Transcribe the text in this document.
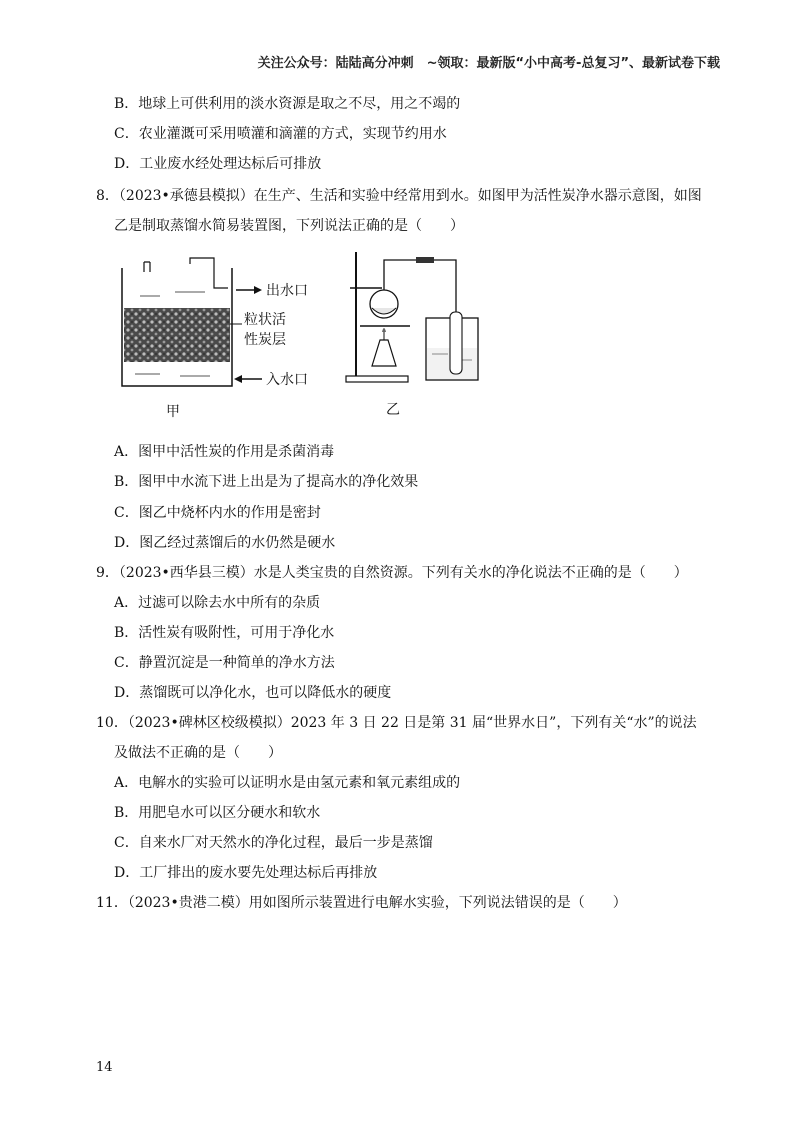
关注公众号：陆陆高分冲刺　~领取：最新版“小中高考-总复习”、最新试卷下载
B．地球上可供利用的淡水资源是取之不尽，用之不竭的
C．农业灌溉可采用喷灌和滴灌的方式，实现节约用水
D．工业废水经处理达标后可排放
8．（2023•承德县模拟）在生产、生活和实验中经常用到水。如图甲为活性炭净水器示意图，如图
乙是制取蒸馏水简易装置图，下列说法正确的是（　　）
出水口
粒状活
性炭层
入水口
甲	乙
A．图甲中活性炭的作用是杀菌消毒
B．图甲中水流下进上出是为了提高水的净化效果
C．图乙中烧杯内水的作用是密封
D．图乙经过蒸馏后的水仍然是硬水
9．（2023•西华县三模）水是人类宝贵的自然资源。下列有关水的净化说法不正确的是（　　）
A．过滤可以除去水中所有的杂质
B．活性炭有吸附性，可用于净化水
C．静置沉淀是一种简单的净水方法
D．蒸馏既可以净化水，也可以降低水的硬度
10．（2023•碑林区校级模拟）2023 年 3 日 22 日是第 31 届“世界水日”，下列有关“水”的说法
及做法不正确的是（　　）
A．电解水的实验可以证明水是由氢元素和氧元素组成的
B．用肥皂水可以区分硬水和软水
C．自来水厂对天然水的净化过程，最后一步是蒸馏
D．工厂排出的废水要先处理达标后再排放
11．（2023•贵港二模）用如图所示装置进行电解水实验，下列说法错误的是（　　）
14
